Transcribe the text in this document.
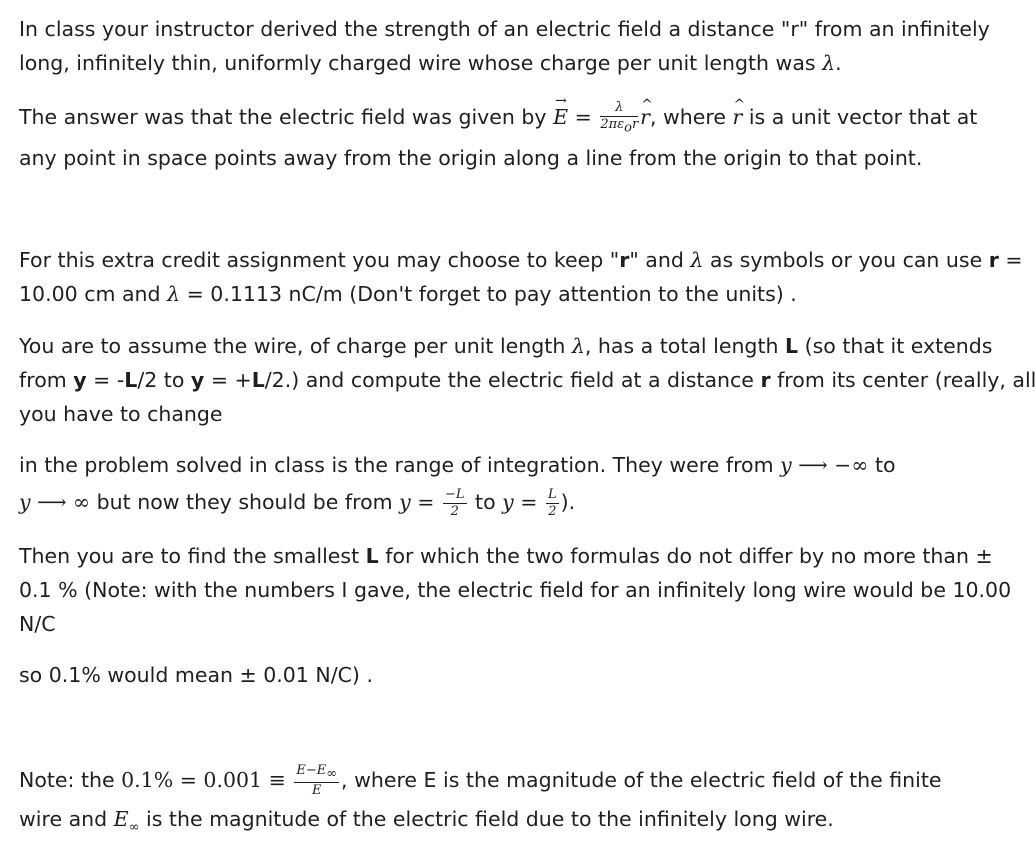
In class your instructor derived the strength of an electric field a distance "r" from an infinitely
long, infinitely thin, uniformly charged wire whose charge per unit length was λ.
The answer was that the electric field was given by → $E = \frac{\lambda}{2\pi\varepsilon_or}$ ^ r, where ^ r is a unit vector that at
any point in space points away from the origin along a line from the origin to that point.
For this extra credit assignment you may choose to keep "r" and λ as symbols or you can use r =
10.00 cm and λ = 0.1113 nC/m (Don't forget to pay attention to the units) .
You are to assume the wire, of charge per unit length λ, has a total length L (so that it extends
from y = -L/2 to y = +L/2.) and compute the electric field at a distance r from its center (really, all
you have to change
in the problem solved in class is the range of integration. They were from y ⟶ −∞ to
y ⟶ ∞ but now they should be from $y = \frac{-L}{2}$ to $y = \frac{L}{2}$ ).
Then you are to find the smallest L for which the two formulas do not differ by no more than ±
0.1 % (Note: with the numbers I gave, the electric field for an infinitely long wire would be 10.00
N/C
so 0.1% would mean ± 0.01 N/C) .
Note: the $0.1\% = 0.001 \equiv \frac{E-E_\infty}{E}$ , where E is the magnitude of the electric field of the finite
wire and $E_\infty$ is the magnitude of the electric field due to the infinitely long wire.
